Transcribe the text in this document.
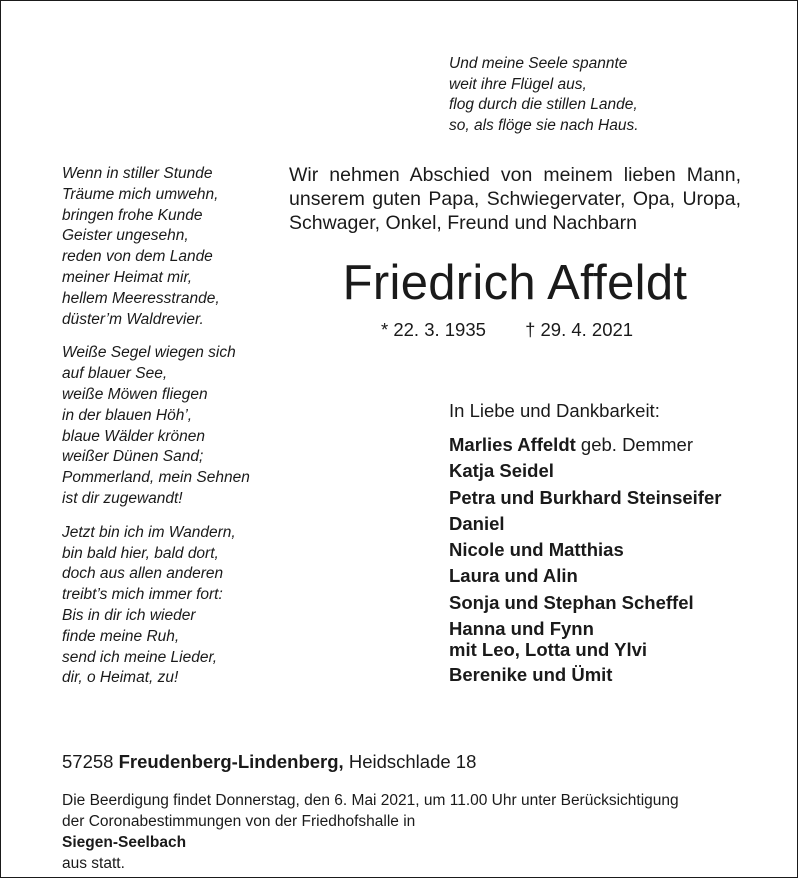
Und meine Seele spannte
weit ihre Flügel aus,
flog durch die stillen Lande,
so, als flöge sie nach Haus.
Wenn in stiller Stunde
Träume mich umwehn,
bringen frohe Kunde
Geister ungesehn,
reden von dem Lande
meiner Heimat mir,
hellem Meeresstrande,
düster’m Waldrevier.
Weiße Segel wiegen sich
auf blauer See,
weiße Möwen fliegen
in der blauen Höh’,
blaue Wälder krönen
weißer Dünen Sand;
Pommerland, mein Sehnen
ist dir zugewandt!
Jetzt bin ich im Wandern,
bin bald hier, bald dort,
doch aus allen anderen
treibt’s mich immer fort:
Bis in dir ich wieder
finde meine Ruh,
send ich meine Lieder,
dir, o Heimat, zu!
Wir nehmen Abschied von meinem lieben Mann,
unserem guten Papa, Schwiegervater, Opa, Uropa,
Schwager, Onkel, Freund und Nachbarn
Friedrich Affeldt
* 22. 3. 1935 † 29. 4. 2021
In Liebe und Dankbarkeit:
Marlies Affeldt geb. Demmer
Katja Seidel
Petra und Burkhard Steinseifer
Daniel
Nicole und Matthias
Laura und Alin
Sonja und Stephan Scheffel
Hanna und Fynn
mit Leo, Lotta und Ylvi
Berenike und Ümit
57258 Freudenberg-Lindenberg, Heidschlade 18
Die Beerdigung findet Donnerstag, den 6. Mai 2021, um 11.00 Uhr unter Berücksichtigung
der Coronabestimmungen von der Friedhofshalle in
Siegen-Seelbach
aus statt.
